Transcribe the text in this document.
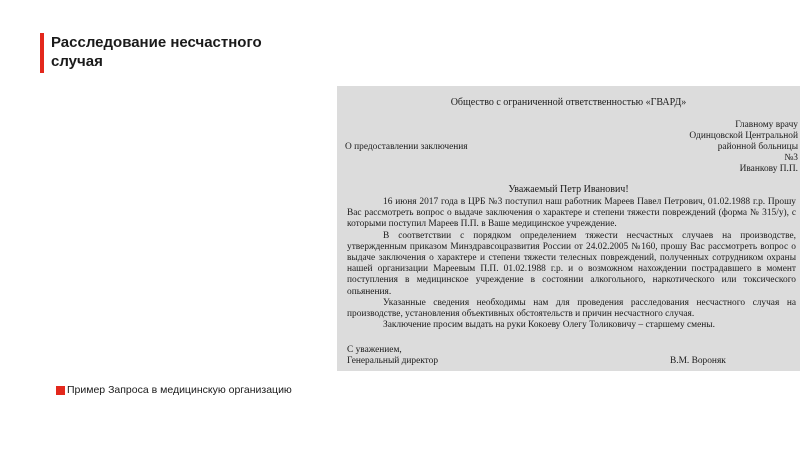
Расследование несчастного случая
Общество с ограниченной ответственностью «ГВАРД»
Главному врачу
Одинцовской Центральной
районной больницы
№3
Иванкову П.П.
О предоставлении заключения
Уважаемый Петр Иванович!

16 июня 2017 года в ЦРБ №3 поступил наш работник Мареев Павел Петрович, 01.02.1988 г.р. Прошу Вас рассмотреть вопрос о выдаче заключения о характере и степени тяжести повреждений (форма № 315/у), с которыми поступил Мареев П.П. в Ваше медицинское учреждение.

В соответствии с порядком определением тяжести несчастных случаев на производстве, утвержденным приказом Минздравсоцразвития России от 24.02.2005 №160, прошу Вас рассмотреть вопрос о выдаче заключения о характере и степени тяжести телесных повреждений, полученных сотрудником охраны нашей организации Мареевым П.П. 01.02.1988 г.р. и о возможном нахождении пострадавшего в момент поступления в медицинское учреждение в состоянии алкогольного, наркотического или токсического опьянения.

Указанные сведения необходимы нам для проведения расследования несчастного случая на производстве, установления объективных обстоятельств и причин несчастного случая.

Заключение просим выдать на руки Кокоеву Олегу Толиковичу – старшему смены.

С уважением,
Генеральный директор	В.М. Вороняк
Пример Запроса в медицинскую организацию
